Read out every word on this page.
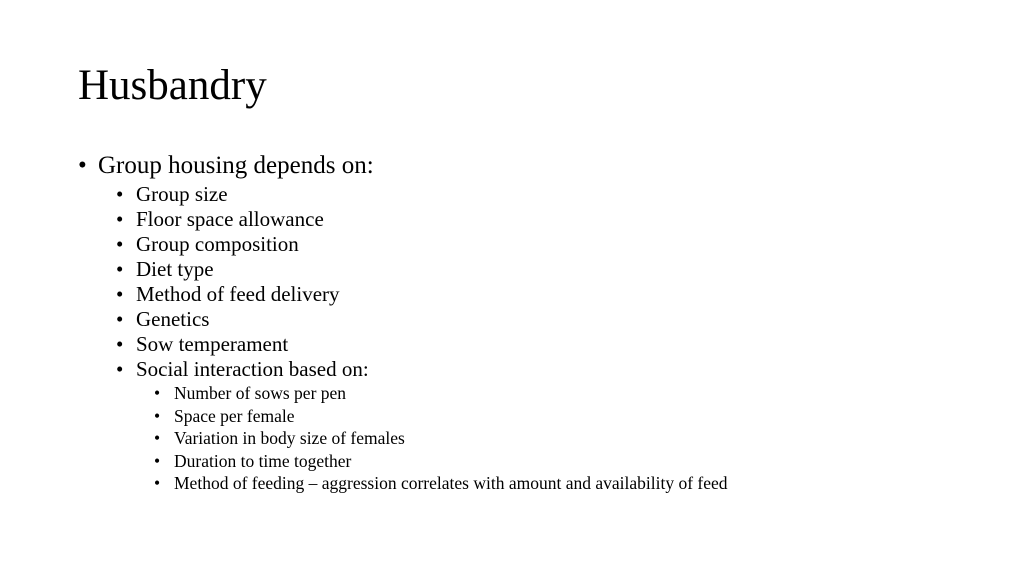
Husbandry
• Group housing depends on:
• Group size
• Floor space allowance
• Group composition
• Diet type
• Method of feed delivery
• Genetics
• Sow temperament
• Social interaction based on:
• Number of sows per pen
• Space per female
• Variation in body size of females
• Duration to time together
• Method of feeding – aggression correlates with amount and availability of feed
